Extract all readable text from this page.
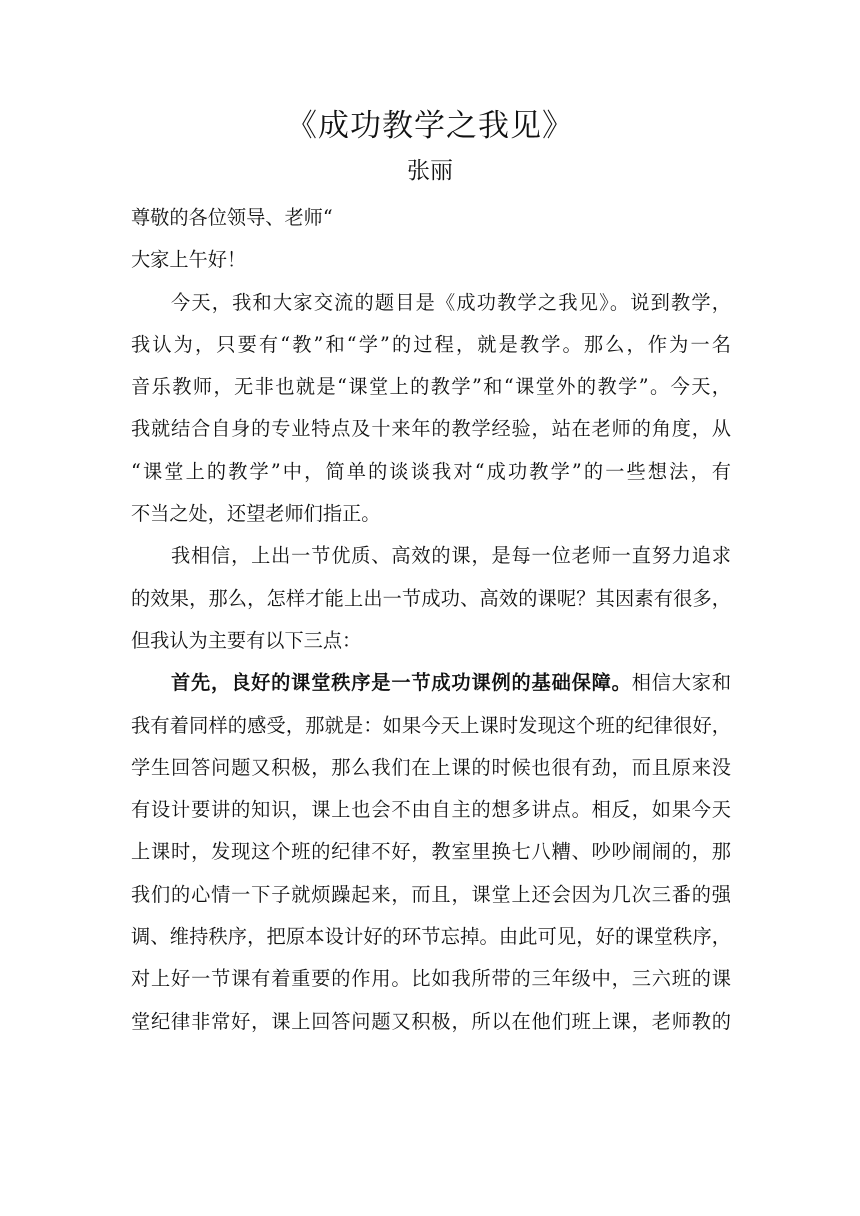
《成功教学之我见》
张丽
尊敬的各位领导、老师“
大家上午好！
今天，我和大家交流的题目是《成功教学之我见》。说到教学，
我认为，只要有“教”和“学”的过程，就是教学。那么，作为一名
音乐教师，无非也就是“课堂上的教学”和“课堂外的教学”。今天，
我就结合自身的专业特点及十来年的教学经验，站在老师的角度，从
“课堂上的教学”中，简单的谈谈我对“成功教学”的一些想法，有
不当之处，还望老师们指正。
我相信，上出一节优质、高效的课，是每一位老师一直努力追求
的效果，那么，怎样才能上出一节成功、高效的课呢？其因素有很多，
但我认为主要有以下三点：
首先，良好的课堂秩序是一节成功课例的基础保障。相信大家和
我有着同样的感受，那就是：如果今天上课时发现这个班的纪律很好，
学生回答问题又积极，那么我们在上课的时候也很有劲，而且原来没
有设计要讲的知识，课上也会不由自主的想多讲点。相反，如果今天
上课时，发现这个班的纪律不好，教室里换七八糟、吵吵闹闹的，那
我们的心情一下子就烦躁起来，而且，课堂上还会因为几次三番的强
调、维持秩序，把原本设计好的环节忘掉。由此可见，好的课堂秩序，
对上好一节课有着重要的作用。比如我所带的三年级中，三六班的课
堂纪律非常好，课上回答问题又积极，所以在他们班上课，老师教的
